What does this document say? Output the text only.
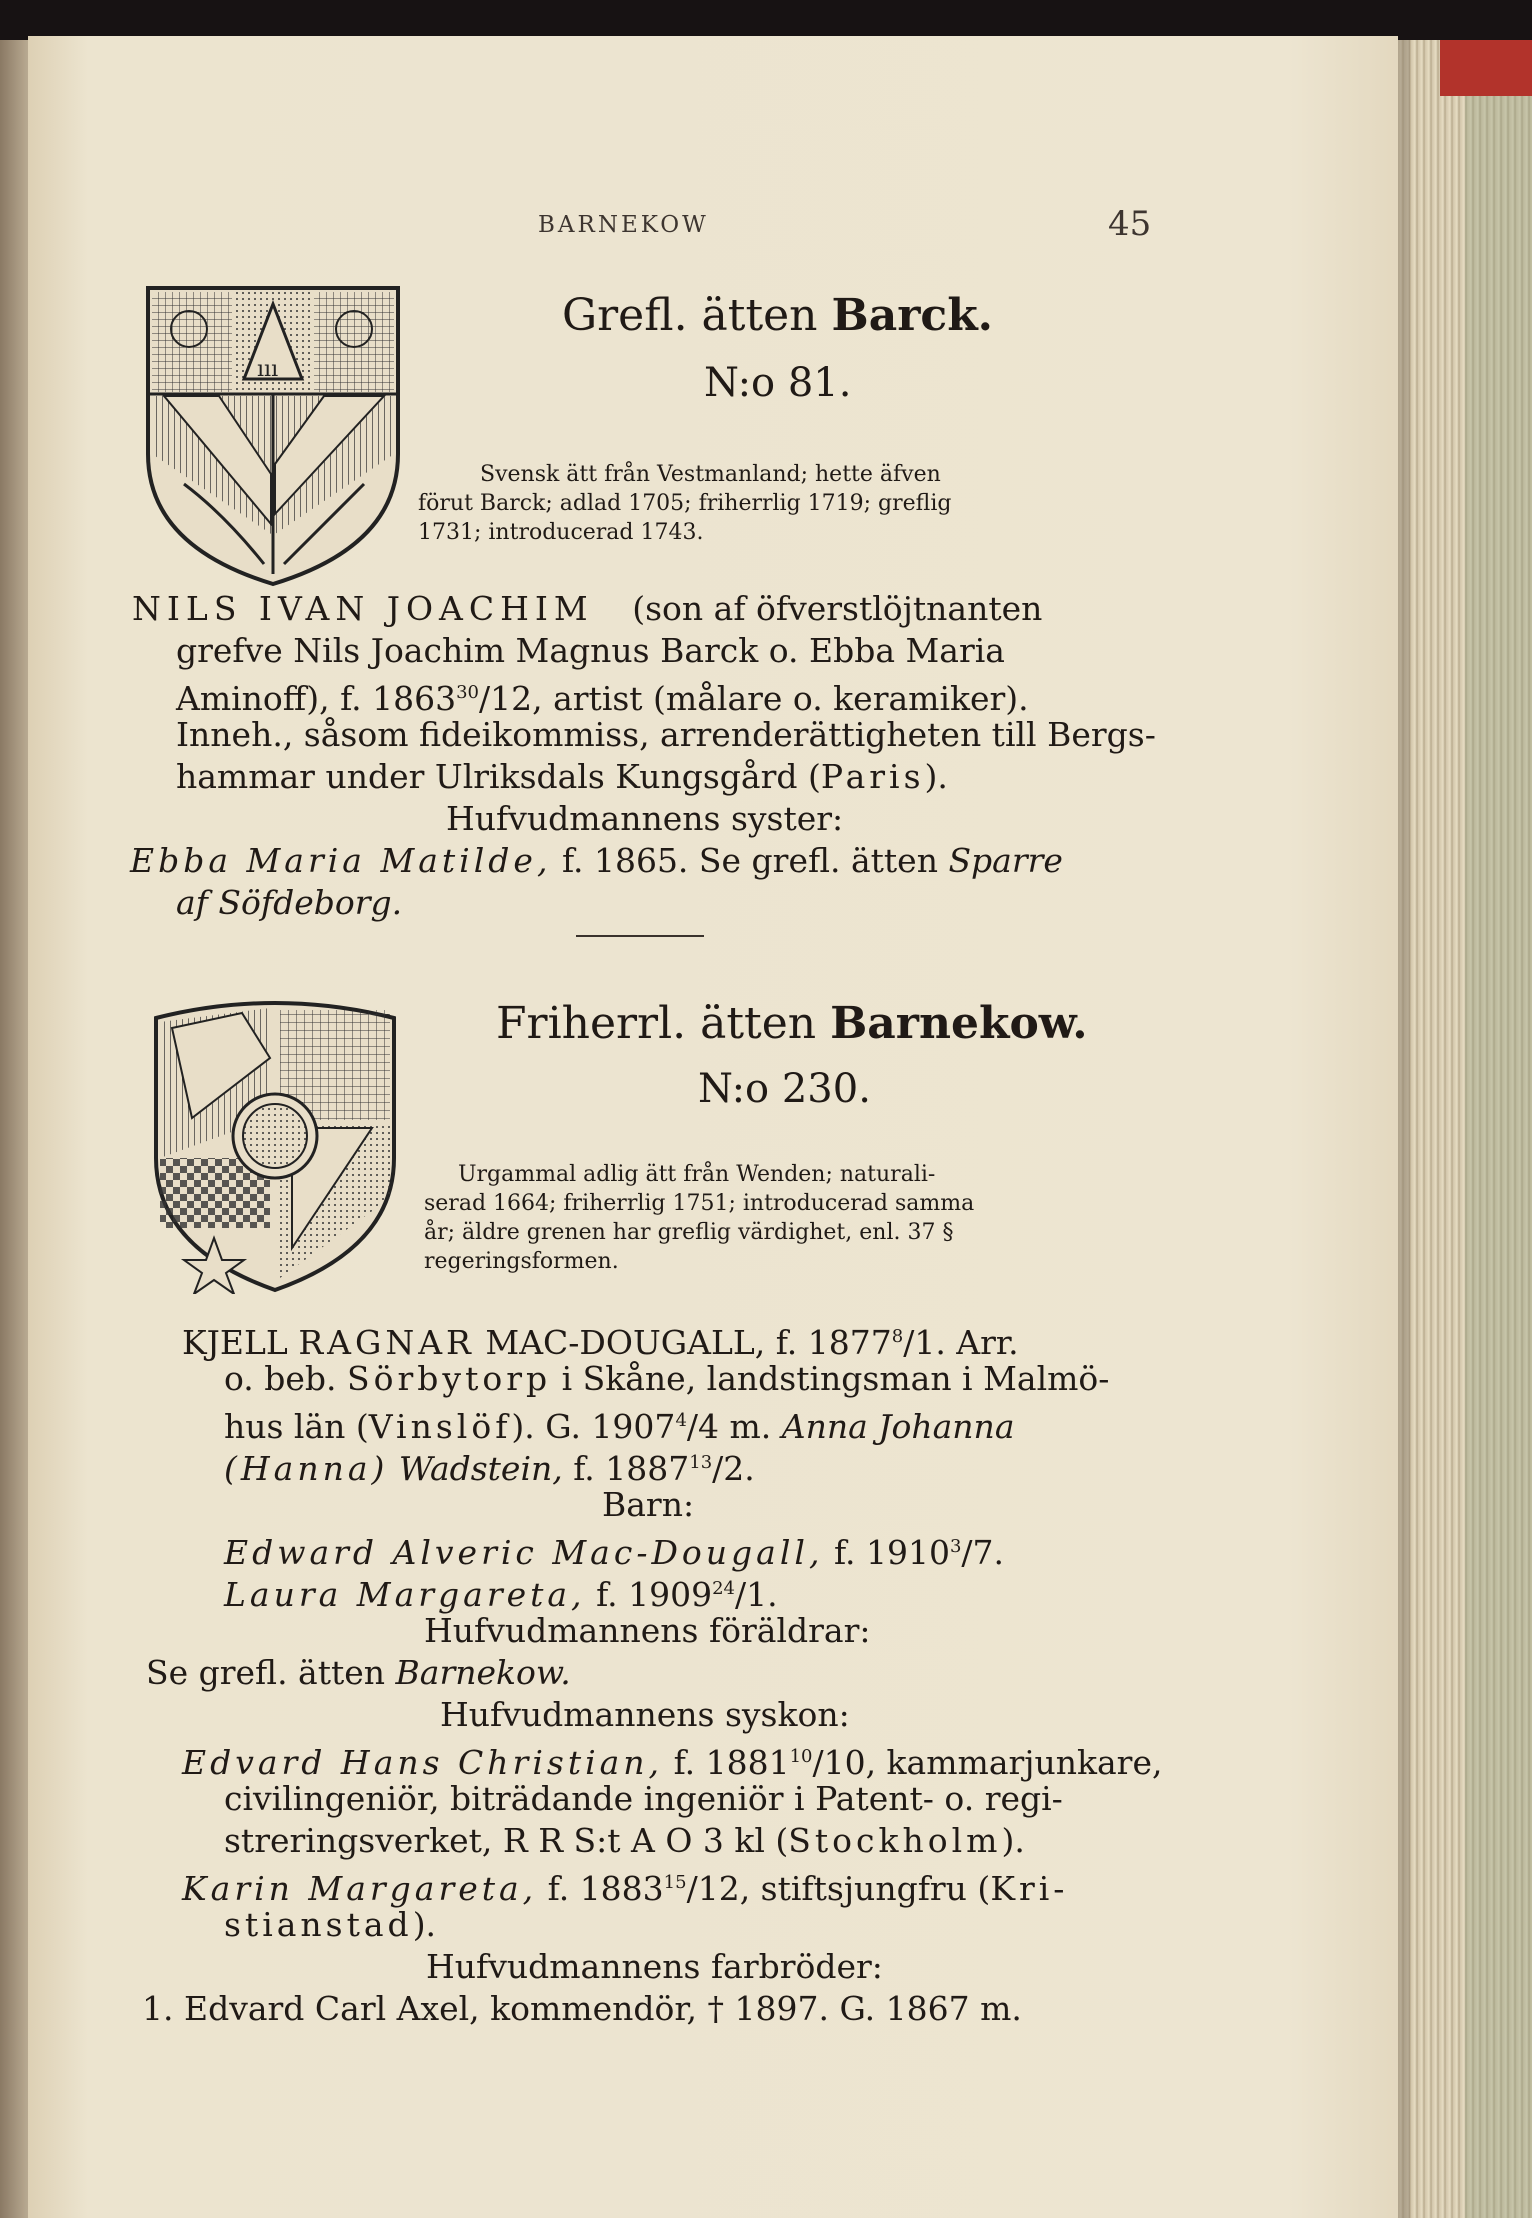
BARNEKOW	45

ııı

Grefl. ätten Barck.

N:o 81.

Svensk ätt från Vestmanland; hette äfven

förut Barck; adlad 1705; friherrlig 1719; greflig

1731; introducerad 1743.

NILS IVAN JOACHIM (son af öfverstlöjtnanten

grefve Nils Joachim Magnus Barck o. Ebba Maria

Aminoff), f. 1863$^{30}$/12, artist (målare o. keramiker).

Inneh., såsom fideikommiss, arrenderättigheten till Bergs-

hammar under Ulriksdals Kungsgård (Paris).

Hufvudmannens syster:

Ebba Maria Matilde, f. 1865. Se grefl. ätten Sparre

af Söfdeborg.

Friherrl. ätten Barnekow.

N:o 230.

Urgammal adlig ätt från Wenden; naturali-

serad 1664; friherrlig 1751; introducerad samma

år; äldre grenen har greflig värdighet, enl. 37 §

regeringsformen.

KJELL RAGNAR MAC-DOUGALL, f. 1877$^8$/1. Arr.

o. beb. Sörbytorp i Skåne, landstingsman i Malmö-

hus län (Vinslöf). G. 1907$^4$/4 m. Anna Johanna

(Hanna) Wadstein, f. 1887$^{13}$/2.

Barn:

Edward Alveric Mac-Dougall, f. 1910$^3$/7.

Laura Margareta, f. 1909$^{24}$/1.

Hufvudmannens föräldrar:

Se grefl. ätten Barnekow.

Hufvudmannens syskon:

Edvard Hans Christian, f. 1881$^{10}$/10, kammarjunkare,

civilingeniör, biträdande ingeniör i Patent- o. regi-

streringsverket, R R S:t A O 3 kl (Stockholm).

Karin Margareta, f. 1883$^{15}$/12, stiftsjungfru (Kri-

stianstad).

Hufvudmannens farbröder:

1. Edvard Carl Axel, kommendör, † 1897. G. 1867 m.
